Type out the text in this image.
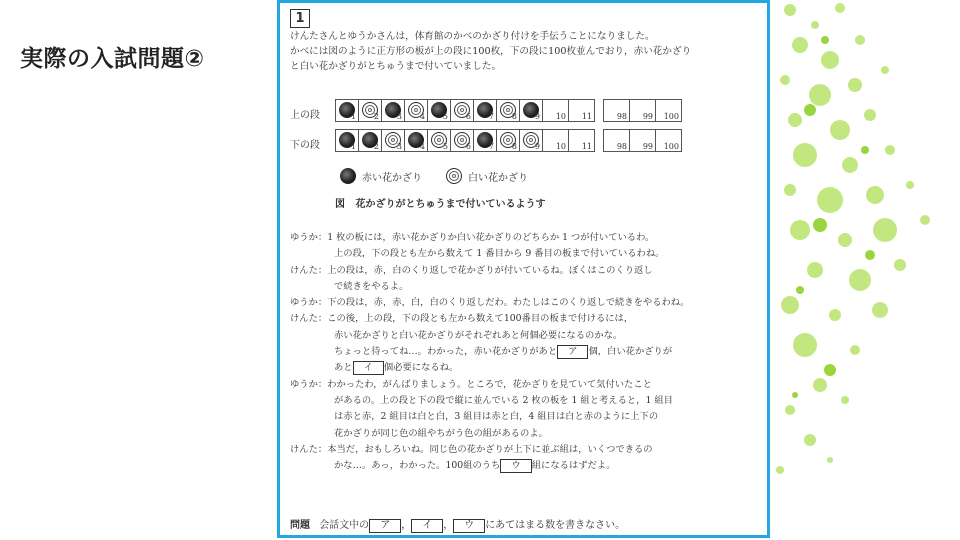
実際の入試問題②
1
けんたさんとゆうかさんは，体育館のかべのかざり付けを手伝うことになりました。
かべには図のように正方形の板が上の段に100枚，下の段に100枚並んでおり，赤い花かざり
と白い花かざりがとちゅうまで付いていました。
上の段	1	2	3	4	5	6	7	8	9	10	11		98	99	100
下の段	1	2	3	4	5	6	7	8	9	10	11		98	99	100
赤い花かざり	白い花かざり
図 花かざりがとちゅうまで付いているようす
ゆうか：1 枚の板には，赤い花かざりか白い花かざりのどちらか 1 つが付いているわ。
上の段，下の段とも左から数えて 1 番目から 9 番目の板まで付いているわね。
けんた：上の段は，赤，白のくり返しで花かざりが付いているね。ぼくはこのくり返し
で続きをやるよ。
ゆうか：下の段は，赤，赤，白，白のくり返しだわ。わたしはこのくり返しで続きをやるわね。
けんた：この後，上の段，下の段とも左から数えて100番目の板まで付けるには，
赤い花かざりと白い花かざりがそれぞれあと何個必要になるのかな。
ちょっと待ってね…。わかった，赤い花かざりがあと ア 個，白い花かざりが
あと イ 個必要になるね。
ゆうか：わかったわ，がんばりましょう。ところで，花かざりを見ていて気付いたこと
があるの。上の段と下の段で縦に並んでいる 2 枚の板を 1 組と考えると，1 組目
は赤と赤，2 組目は白と白，3 組目は赤と白，4 組目は白と赤のように上下の
花かざりが同じ色の組やちがう色の組があるのよ。
けんた：本当だ，おもしろいね。同じ色の花かざりが上下に並ぶ組は，いくつできるの
かな…。あっ，わかった。100組のうち ウ 組になるはずだよ。
問題 会話文中の ア ， イ ， ウ にあてはまる数を書きなさい。
